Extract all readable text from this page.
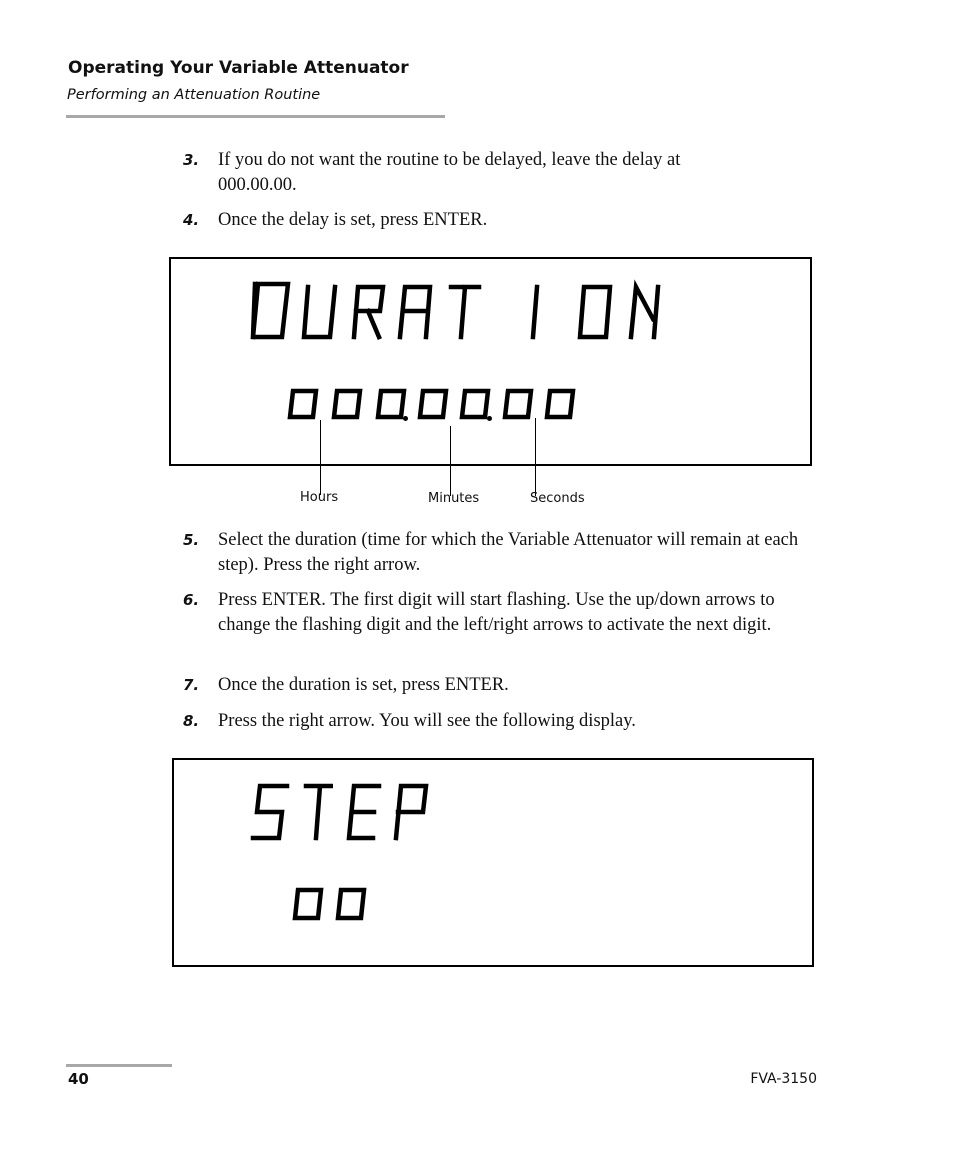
Operating Your Variable Attenuator
Performing an Attenuation Routine
3. If you do not want the routine to be delayed, leave the delay at 000.00.00.
4. Once the delay is set, press ENTER.
Hours	Minutes	Seconds
5. Select the duration (time for which the Variable Attenuator will remain at each step). Press the right arrow.
6. Press ENTER. The first digit will start flashing. Use the up/down arrows to change the flashing digit and the left/right arrows to activate the next digit.
7. Once the duration is set, press ENTER.
8. Press the right arrow. You will see the following display.
40	FVA-3150
